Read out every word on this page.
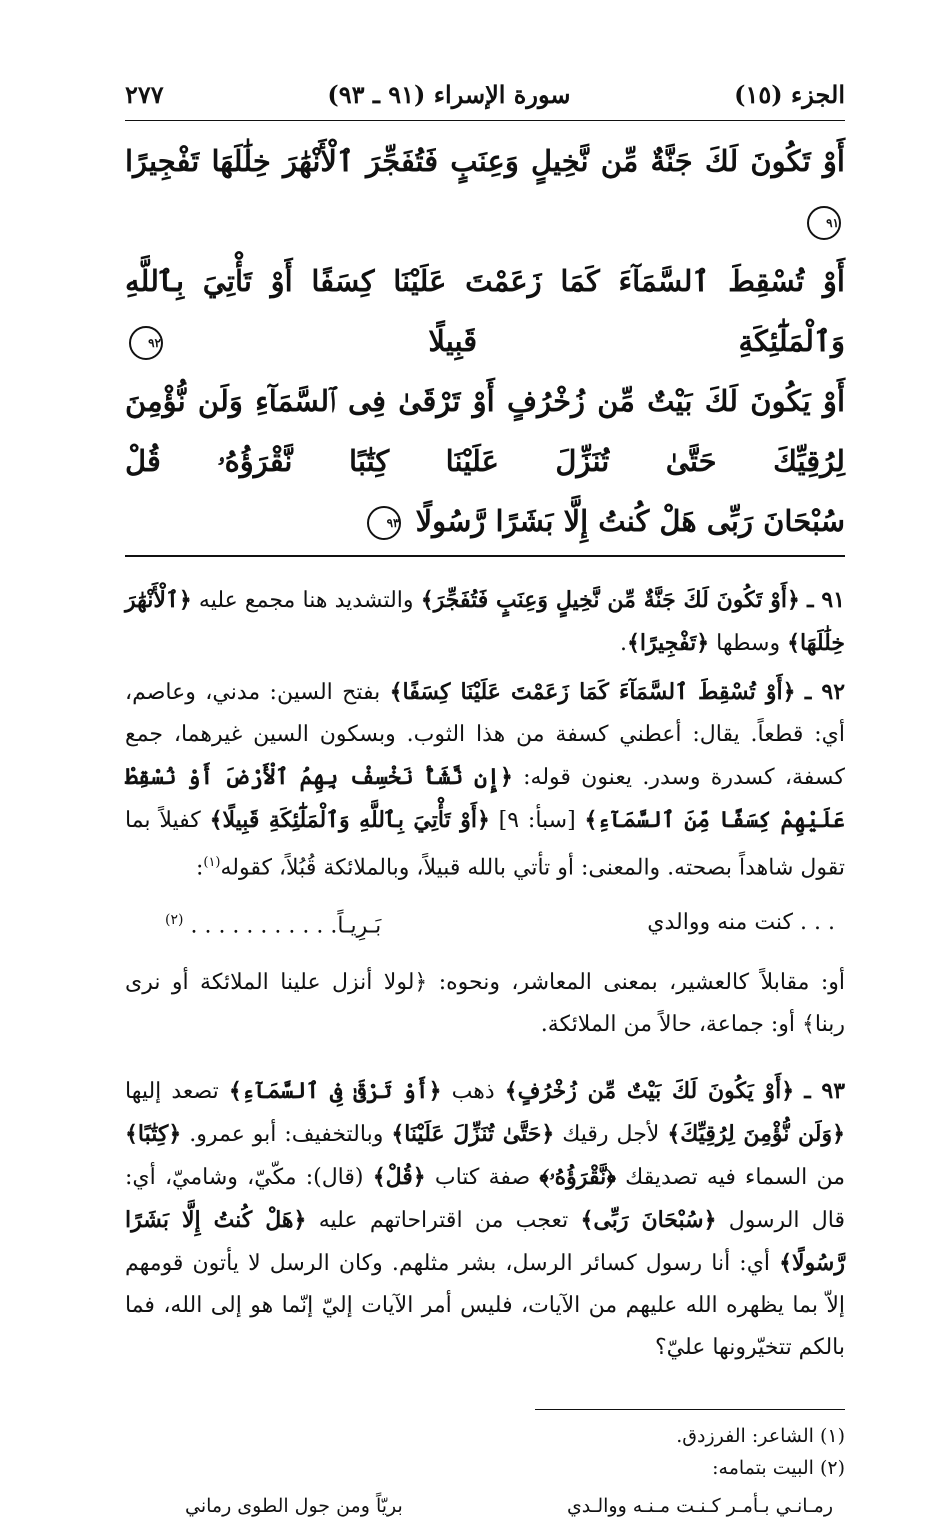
الجزء (١٥)
سورة الإسراء (٩١ ـ ٩٣)
٢٧٧
أَوْ تَكُونَ لَكَ جَنَّةٌ مِّن نَّخِيلٍ وَعِنَبٍ فَتُفَجِّرَ ٱلْأَنْهَٰرَ خِلَٰلَهَا تَفْجِيرًا ٩١
أَوْ تُسْقِطَ ٱلسَّمَآءَ كَمَا زَعَمْتَ عَلَيْنَا كِسَفًا أَوْ تَأْتِيَ بِٱللَّهِ وَٱلْمَلَٰٓئِكَةِ قَبِيلًا ٩٢
أَوْ يَكُونَ لَكَ بَيْتٌ مِّن زُخْرُفٍ أَوْ تَرْقَىٰ فِى ٱلسَّمَآءِ وَلَن نُّؤْمِنَ لِرُقِيِّكَ حَتَّىٰ تُنَزِّلَ عَلَيْنَا كِتَٰبًا نَّقْرَؤُهُۥ قُلْ
سُبْحَانَ رَبِّى هَلْ كُنتُ إِلَّا بَشَرًا رَّسُولًا ٩٣

٩١ ـ ﴿أَوْ تَكُونَ لَكَ جَنَّةٌ مِّن نَّخِيلٍ وَعِنَبٍ فَتُفَجِّرَ﴾ والتشديد هنا مجمع عليه ﴿ٱلْأَنْهَٰرَ خِلَٰلَهَا﴾ وسطها ﴿تَفْجِيرًا﴾.

٩٢ ـ ﴿أَوْ تُسْقِطَ ٱلسَّمَآءَ كَمَا زَعَمْتَ عَلَيْنَا كِسَفًا﴾ بفتح السين: مدني، وعاصم، أي: قطعاً. يقال: أعطني كسفة من هذا الثوب. وبسكون السين غيرهما، جمع كسفة، كسدرة وسدر. يعنون قوله: ﴿إِن نَّشَأْ نَخْسِفْ بِهِمُ ٱلْأَرْضَ أَوْ نُسْقِطْ عَلَيْهِمْ كِسَفًا مِّنَ ٱلسَّمَآءِ﴾ [سبأ: ٩] ﴿أَوْ تَأْتِيَ بِٱللَّهِ وَٱلْمَلَٰٓئِكَةِ قَبِيلًا﴾ كفيلاً بما تقول شاهداً بصحته. والمعنى: أو تأتي بالله قبيلاً، وبالملائكة قُبُلاً، كقوله$^{(١)}$:

. . . كنت منه ووالدي
بَـرِيـاً. . . . . . . . . . . $^{(٢)}$

أو: مقابلاً كالعشير، بمعنى المعاشر، ونحوه: ﴿لولا أنزل علينا الملائكة أو نرى ربنا﴾ أو: جماعة، حالاً من الملائكة.

٩٣ ـ ﴿أَوْ يَكُونَ لَكَ بَيْتٌ مِّن زُخْرُفٍ﴾ ذهب ﴿أَوْ تَرْقَىٰ فِى ٱلسَّمَآءِ﴾ تصعد إليها ﴿وَلَن نُّؤْمِنَ لِرُقِيِّكَ﴾ لأجل رقيك ﴿حَتَّىٰ تُنَزِّلَ عَلَيْنَا﴾ وبالتخفيف: أبو عمرو. ﴿كِتَٰبًا﴾ من السماء فيه تصديقك ﴿نَّقْرَؤُهُۥ﴾ صفة كتاب ﴿قُلْ﴾ (قال): مكّيّ، وشاميّ، أي: قال الرسول ﴿سُبْحَانَ رَبِّى﴾ تعجب من اقتراحاتهم عليه ﴿هَلْ كُنتُ إِلَّا بَشَرًا رَّسُولًا﴾ أي: أنا رسول كسائر الرسل، بشر مثلهم. وكان الرسل لا يأتون قومهم إلاّ بما يظهره الله عليهم من الآيات، فليس أمر الآيات إليّ إنّما هو إلى الله، فما بالكم تتخيّرونها عليّ؟

(١) الشاعر: الفرزدق.
(٢) البيت بتمامه:
رمـانـي بـأمـر كـنـت مـنـه ووالـدي
بريّاً ومن جول الطوى رماني
